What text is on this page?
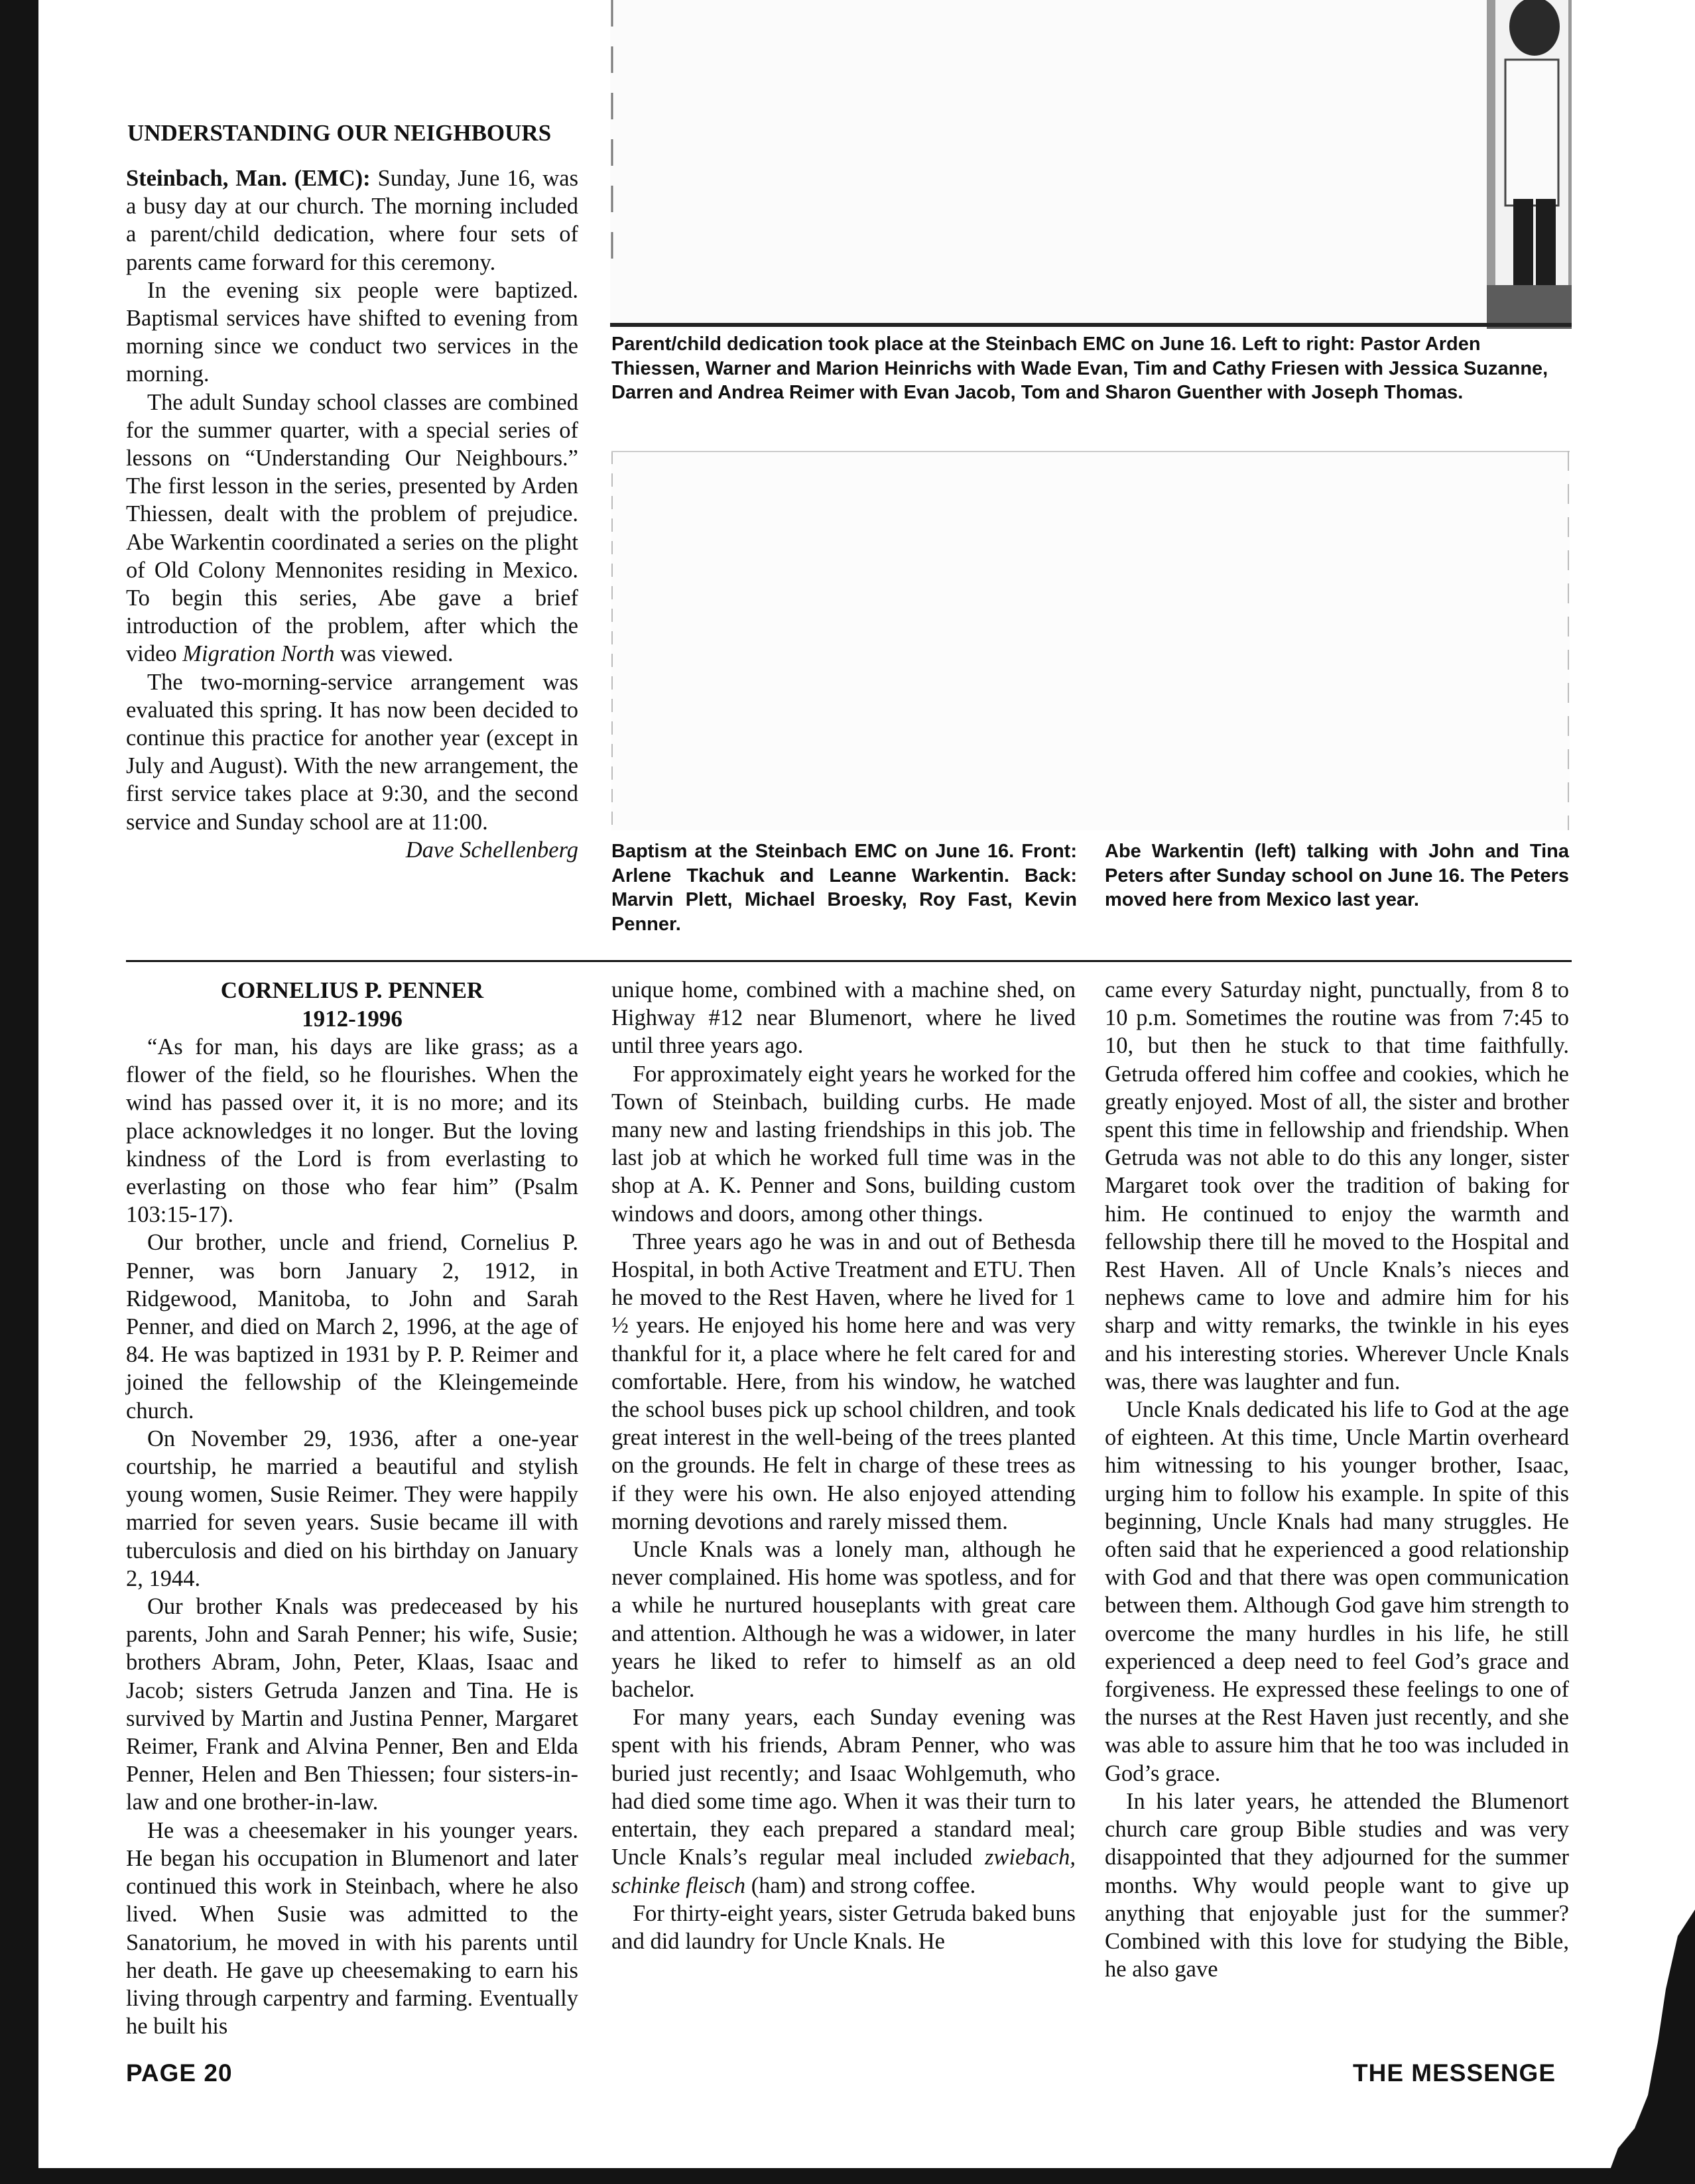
UNDERSTANDING OUR NEIGHBOURS

Steinbach, Man. (EMC): Sunday, June 16, was a busy day at our church. The morning included a parent/child dedication, where four sets of parents came forward for this ceremony.

In the evening six people were baptized. Baptismal services have shifted to evening from morning since we conduct two services in the morning.

The adult Sunday school classes are combined for the summer quarter, with a special series of lessons on “Understanding Our Neighbours.” The first lesson in the series, presented by Arden Thiessen, dealt with the problem of prejudice. Abe Warkentin coordinated a series on the plight of Old Colony Mennonites residing in Mexico. To begin this series, Abe gave a brief introduction of the problem, after which the video Migration North was viewed.

The two-morning-service arrangement was evaluated this spring. It has now been decided to continue this practice for another year (except in July and August). With the new arrangement, the first service takes place at 9:30, and the second service and Sunday school are at 11:00.

Dave Schellenberg

Parent/child dedication took place at the Steinbach EMC on June 16. Left to right: Pastor Arden Thiessen, Warner and Marion Heinrichs with Wade Evan, Tim and Cathy Friesen with Jessica Suzanne, Darren and Andrea Reimer with Evan Jacob, Tom and Sharon Guenther with Joseph Thomas.
Baptism at the Steinbach EMC on June 16. Front: Arlene Tkachuk and Leanne Warkentin. Back: Marvin Plett, Michael Broesky, Roy Fast, Kevin Penner.
Abe Warkentin (left) talking with John and Tina Peters after Sunday school on June 16. The Peters moved here from Mexico last year.
CORNELIUS P. PENNER
1912-1996

“As for man, his days are like grass; as a flower of the field, so he flourishes. When the wind has passed over it, it is no more; and its place acknowledges it no longer. But the loving kindness of the Lord is from everlasting to everlasting on those who fear him” (Psalm 103:15-17).

Our brother, uncle and friend, Cornelius P. Penner, was born January 2, 1912, in Ridgewood, Manitoba, to John and Sarah Penner, and died on March 2, 1996, at the age of 84. He was baptized in 1931 by P. P. Reimer and joined the fellowship of the Kleingemeinde church.

On November 29, 1936, after a one-year courtship, he married a beautiful and stylish young women, Susie Reimer. They were happily married for seven years. Susie became ill with tuberculosis and died on his birthday on January 2, 1944.

Our brother Knals was predeceased by his parents, John and Sarah Penner; his wife, Susie; brothers Abram, John, Peter, Klaas, Isaac and Jacob; sisters Getruda Janzen and Tina. He is survived by Martin and Justina Penner, Margaret Reimer, Frank and Alvina Penner, Ben and Elda Penner, Helen and Ben Thiessen; four sisters-in-law and one brother-in-law.

He was a cheesemaker in his younger years. He began his occupation in Blumenort and later continued this work in Steinbach, where he also lived. When Susie was admitted to the Sanatorium, he moved in with his parents until her death. He gave up cheesemaking to earn his living through carpentry and farming. Eventually he built his

unique home, combined with a machine shed, on Highway #12 near Blumenort, where he lived until three years ago.

For approximately eight years he worked for the Town of Steinbach, building curbs. He made many new and lasting friendships in this job. The last job at which he worked full time was in the shop at A. K. Penner and Sons, building custom windows and doors, among other things.

Three years ago he was in and out of Bethesda Hospital, in both Active Treatment and ETU. Then he moved to the Rest Haven, where he lived for 1 ½ years. He enjoyed his home here and was very thankful for it, a place where he felt cared for and comfortable. Here, from his window, he watched the school buses pick up school children, and took great interest in the well-being of the trees planted on the grounds. He felt in charge of these trees as if they were his own. He also enjoyed attending morning devotions and rarely missed them.

Uncle Knals was a lonely man, although he never complained. His home was spotless, and for a while he nurtured houseplants with great care and attention. Although he was a widower, in later years he liked to refer to himself as an old bachelor.

For many years, each Sunday evening was spent with his friends, Abram Penner, who was buried just recently; and Isaac Wohlgemuth, who had died some time ago. When it was their turn to entertain, they each prepared a standard meal; Uncle Knals’s regular meal included zwiebach, schinke fleisch (ham) and strong coffee.

For thirty-eight years, sister Getruda baked buns and did laundry for Uncle Knals. He

came every Saturday night, punctually, from 8 to 10 p.m. Sometimes the routine was from 7:45 to 10, but then he stuck to that time faithfully. Getruda offered him coffee and cookies, which he greatly enjoyed. Most of all, the sister and brother spent this time in fellowship and friendship. When Getruda was not able to do this any longer, sister Margaret took over the tradition of baking for him. He continued to enjoy the warmth and fellowship there till he moved to the Hospital and Rest Haven. All of Uncle Knals’s nieces and nephews came to love and admire him for his sharp and witty remarks, the twinkle in his eyes and his interesting stories. Wherever Uncle Knals was, there was laughter and fun.

Uncle Knals dedicated his life to God at the age of eighteen. At this time, Uncle Martin overheard him witnessing to his younger brother, Isaac, urging him to follow his example. In spite of this beginning, Uncle Knals had many struggles. He often said that he experienced a good relationship with God and that there was open communication between them. Although God gave him strength to overcome the many hurdles in his life, he still experienced a deep need to feel God’s grace and forgiveness. He expressed these feelings to one of the nurses at the Rest Haven just recently, and she was able to assure him that he too was included in God’s grace.

In his later years, he attended the Blumenort church care group Bible studies and was very disappointed that they adjourned for the summer months. Why would people want to give up anything that enjoyable just for the summer? Combined with this love for studying the Bible, he also gave

PAGE 20	THE MESSENGE
